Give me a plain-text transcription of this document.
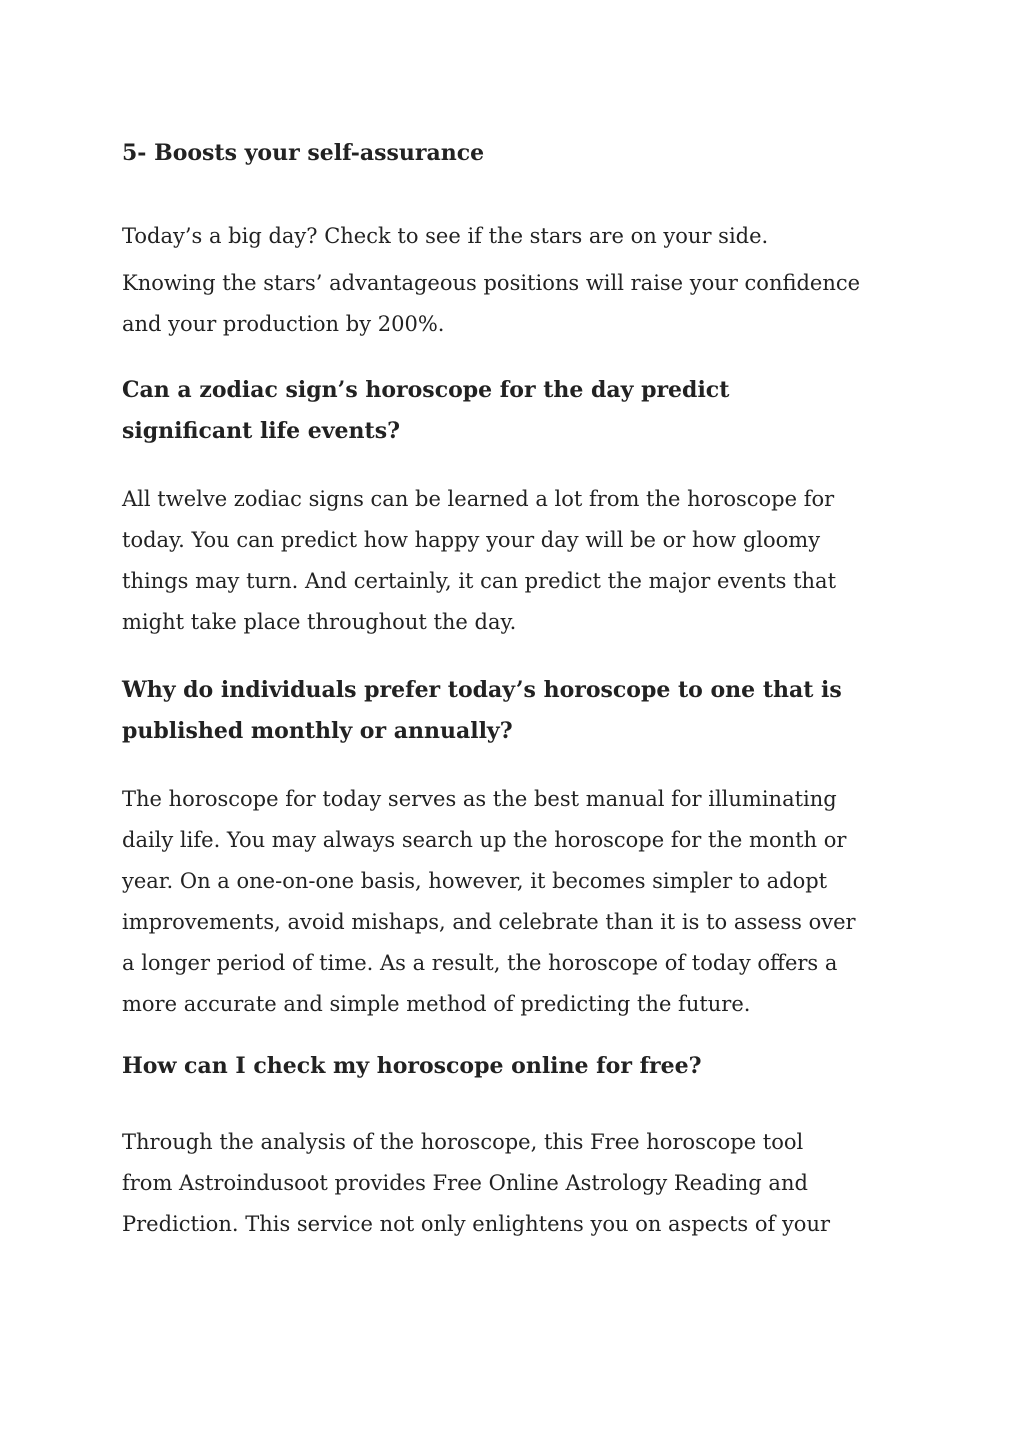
5- Boosts your self-assurance

Today’s a big day? Check to see if the stars are on your side.

Knowing the stars’ advantageous positions will raise your confidence
and your production by 200%.

Can a zodiac sign’s horoscope for the day predict
significant life events?

All twelve zodiac signs can be learned a lot from the horoscope for
today. You can predict how happy your day will be or how gloomy
things may turn. And certainly, it can predict the major events that
might take place throughout the day.

Why do individuals prefer today’s horoscope to one that is
published monthly or annually?

The horoscope for today serves as the best manual for illuminating
daily life. You may always search up the horoscope for the month or
year. On a one-on-one basis, however, it becomes simpler to adopt
improvements, avoid mishaps, and celebrate than it is to assess over
a longer period of time. As a result, the horoscope of today offers a
more accurate and simple method of predicting the future.

How can I check my horoscope online for free?

Through the analysis of the horoscope, this Free horoscope tool
from Astroindusoot provides Free Online Astrology Reading and
Prediction. This service not only enlightens you on aspects of your
